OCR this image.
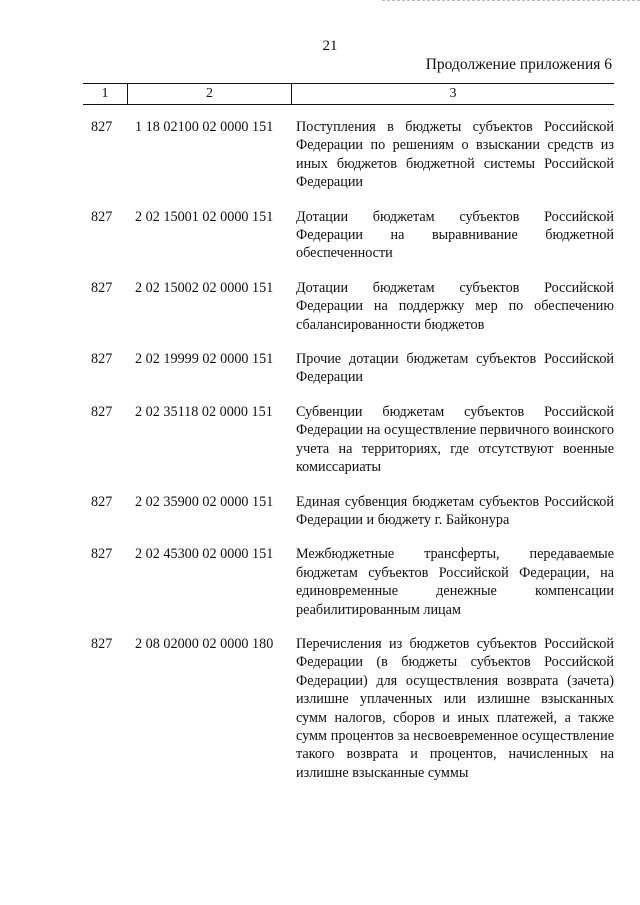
21
Продолжение приложения 6
1	2	3
827	1 18 02100 02 0000 151	Поступления в бюджеты субъектов Российской Федерации по решениям о взыскании средств из иных бюджетов бюджетной системы Российской Федерации
827	2 02 15001 02 0000 151	Дотации бюджетам субъектов Российской Федерации на выравнивание бюджетной обеспеченности
827	2 02 15002 02 0000 151	Дотации бюджетам субъектов Российской Федерации на поддержку мер по обеспечению сбалансированности бюджетов
827	2 02 19999 02 0000 151	Прочие дотации бюджетам субъектов Российской Федерации
827	2 02 35118 02 0000 151	Субвенции бюджетам субъектов Российской Федерации на осуществление первичного воинского учета на территориях, где отсутствуют военные комиссариаты
827	2 02 35900 02 0000 151	Единая субвенция бюджетам субъектов Российской Федерации и бюджету г. Байконура
827	2 02 45300 02 0000 151	Межбюджетные трансферты, передаваемые бюджетам субъектов Российской Федерации, на единовременные денежные компенсации реабилитированным лицам
827	2 08 02000 02 0000 180	Перечисления из бюджетов субъектов Российской Федерации (в бюджеты субъектов Российской Федерации) для осуществления возврата (зачета) излишне уплаченных или излишне взысканных сумм налогов, сборов и иных платежей, а также сумм процентов за несвоевременное осуществление такого возврата и процентов, начисленных на излишне взысканные суммы
